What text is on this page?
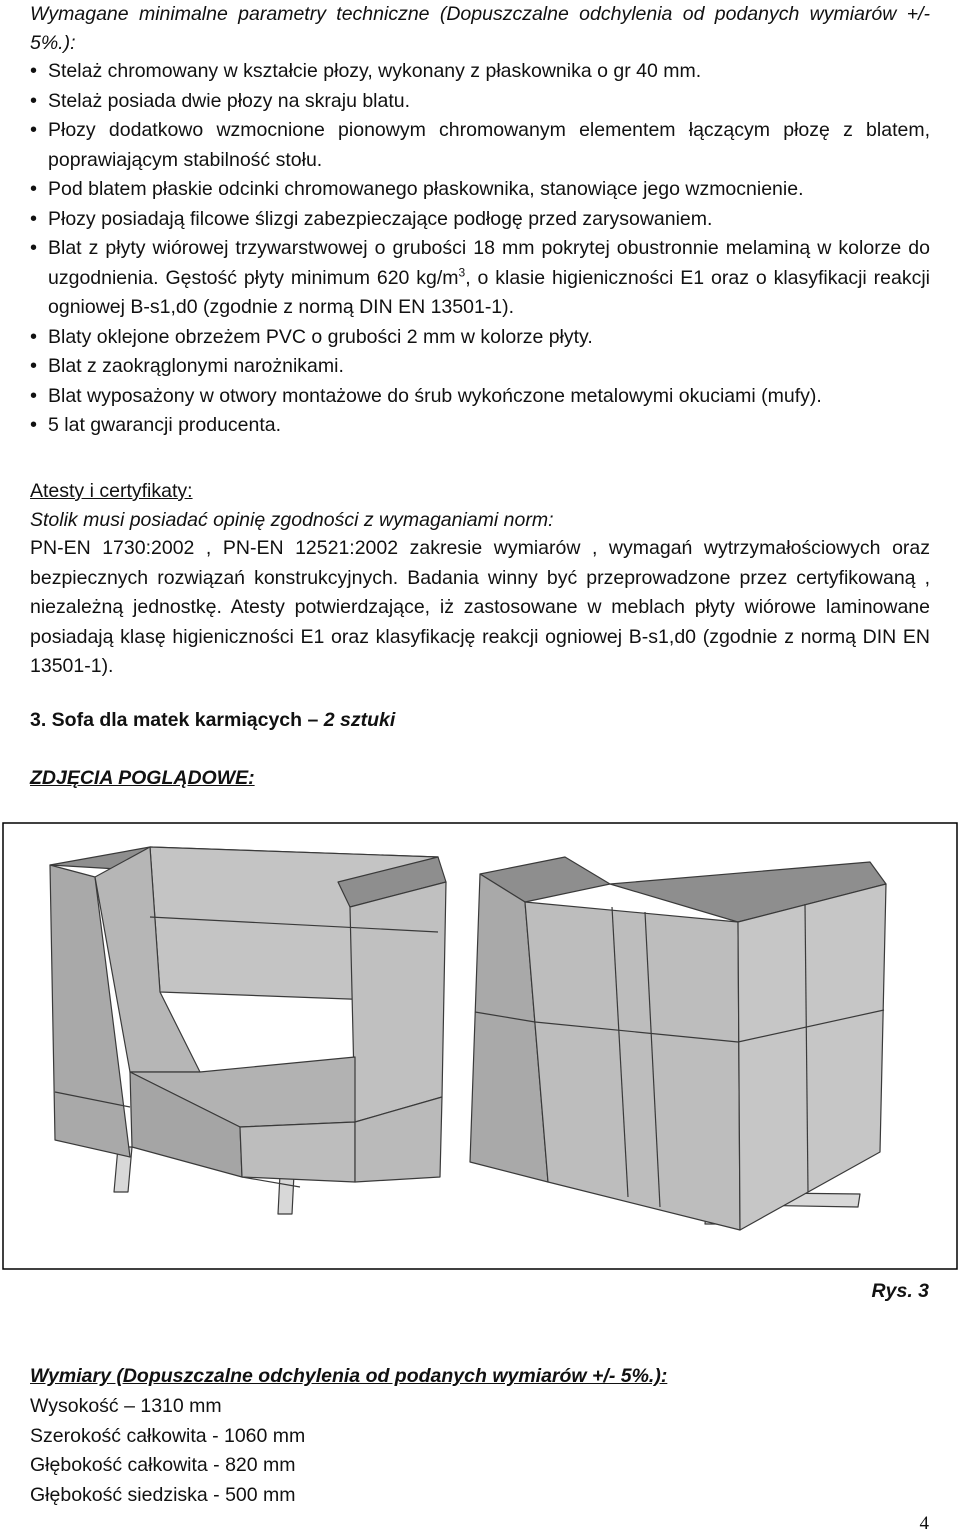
Wymagane minimalne parametry techniczne (Dopuszczalne odchylenia od podanych wymiarów +/- 5%.):
• Stelaż chromowany w kształcie płozy, wykonany z płaskownika o gr 40 mm.
• Stelaż posiada dwie płozy na skraju blatu.
• Płozy dodatkowo wzmocnione pionowym chromowanym elementem łączącym płozę z blatem, poprawiającym stabilność stołu.
• Pod blatem płaskie odcinki chromowanego płaskownika, stanowiące jego wzmocnienie.
• Płozy posiadają filcowe ślizgi zabezpieczające podłogę przed zarysowaniem.
• Blat z płyty wiórowej trzywarstwowej o grubości 18 mm pokrytej obustronnie melaminą w kolorze do uzgodnienia. Gęstość płyty minimum 620 $kg/m^3$, o klasie higieniczności E1 oraz o klasyfikacji reakcji ogniowej B-s1,d0 (zgodnie z normą DIN EN 13501-1).
• Blaty oklejone obrzeżem PVC o grubości 2 mm w kolorze płyty.
• Blat z zaokrąglonymi narożnikami.
• Blat wyposażony w otwory montażowe do śrub wykończone metalowymi okuciami (mufy).
• 5 lat gwarancji producenta.
Atesty i certyfikaty:
Stolik musi posiadać opinię zgodności z wymaganiami norm:
PN-EN 1730:2002 , PN-EN 12521:2002 zakresie wymiarów , wymagań wytrzymałościowych oraz bezpiecznych rozwiązań konstrukcyjnych. Badania winny być przeprowadzone przez certyfikowaną , niezależną jednostkę. Atesty potwierdzające, iż zastosowane w meblach płyty wiórowe laminowane posiadają klasę higieniczności E1 oraz klasyfikację reakcji ogniowej B-s1,d0 (zgodnie z normą DIN EN 13501-1).
3. Sofa dla matek karmiących – 2 sztuki
ZDJĘCIA POGLĄDOWE:
Rys. 3
Wymiary (Dopuszczalne odchylenia od podanych wymiarów +/- 5%.):
Wysokość – 1310 mm
Szerokość całkowita - 1060 mm
Głębokość całkowita - 820 mm
Głębokość siedziska - 500 mm
4
